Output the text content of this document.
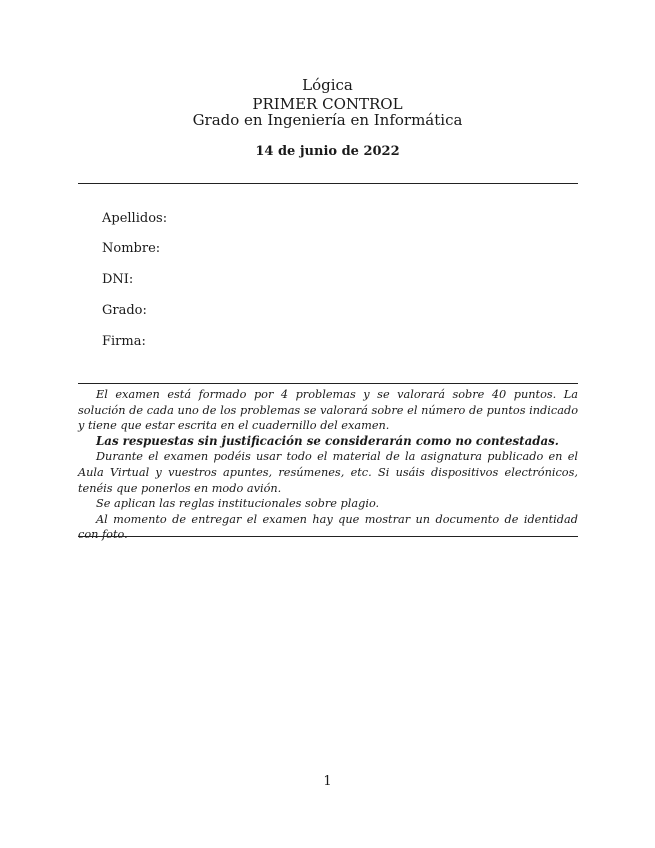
Lógica
PRIMER CONTROL
Grado en Ingeniería en Informática
14 de junio de 2022
Apellidos:
Nombre:
DNI:
Grado:
Firma:

El examen está formado por 4 problemas y se valorará sobre 40 puntos. La solución de cada uno de los problemas se valorará sobre el número de puntos indicado y tiene que estar escrita en el cuadernillo del examen.

Las respuestas sin justificación se considerarán como no contestadas.

Durante el examen podéis usar todo el material de la asignatura publicado en el Aula Virtual y vuestros apuntes, resúmenes, etc. Si usáis dispositivos electrónicos, tenéis que ponerlos en modo avión.

Se aplican las reglas institucionales sobre plagio.

Al momento de entregar el examen hay que mostrar un documento de identidad con foto.

1
